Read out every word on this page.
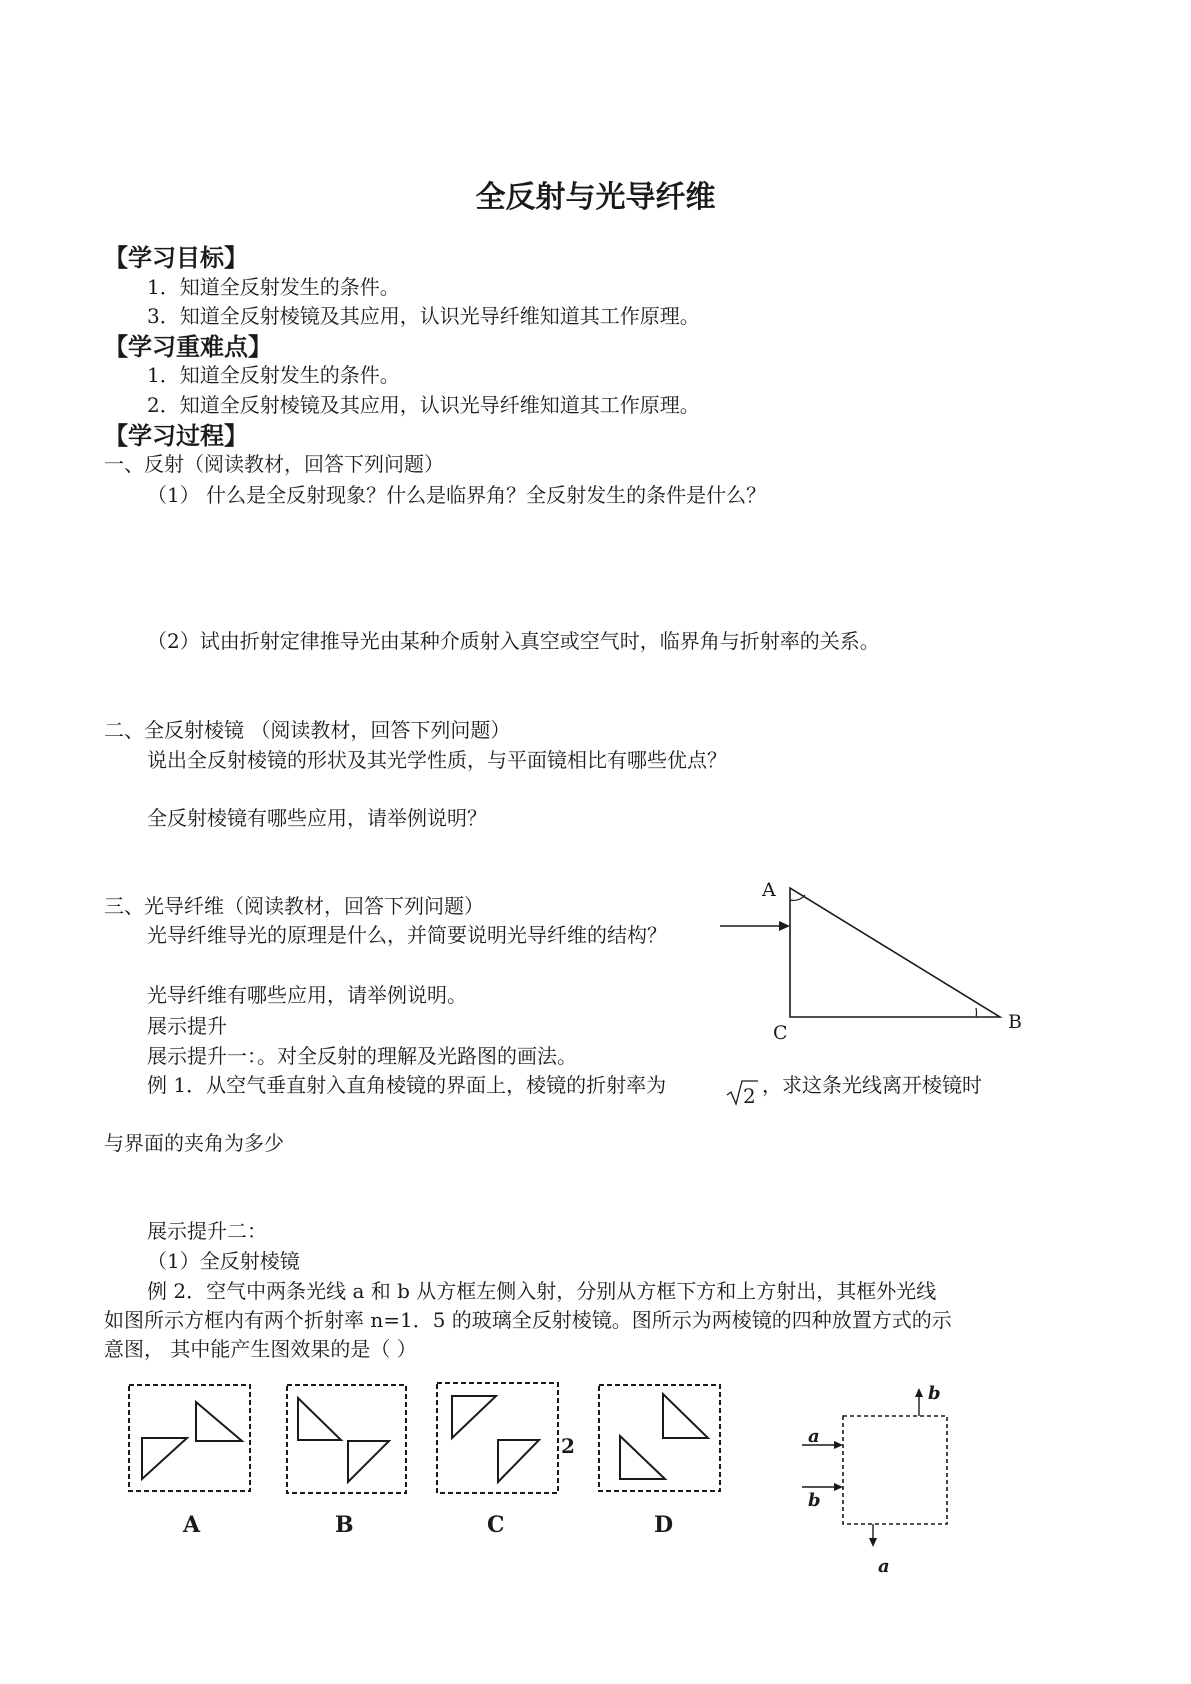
全反射与光导纤维
【学习目标】
1．知道全反射发生的条件。
3．知道全反射棱镜及其应用，认识光导纤维知道其工作原理。
【学习重难点】
1．知道全反射发生的条件。
2．知道全反射棱镜及其应用，认识光导纤维知道其工作原理。
【学习过程】
一、反射（阅读教材，回答下列问题）
（1） 什么是全反射现象？什么是临界角？全反射发生的条件是什么？
（2）试由折射定律推导光由某种介质射入真空或空气时，临界角与折射率的关系。
二、全反射棱镜 （阅读教材，回答下列问题）
说出全反射棱镜的形状及其光学性质，与平面镜相比有哪些优点？
全反射棱镜有哪些应用，请举例说明？
三、光导纤维（阅读教材，回答下列问题）
光导纤维导光的原理是什么，并简要说明光导纤维的结构？
光导纤维有哪些应用，请举例说明。
展示提升
展示提升一：。对全反射的理解及光路图的画法。
例 1．从空气垂直射入直角棱镜的界面上，棱镜的折射率为	2 ，求这条光线离开棱镜时
与界面的夹角为多少
展示提升二：
（1）全反射棱镜
例 2．空气中两条光线 a 和 b 从方框左侧入射，分别从方框下方和上方射出，其框外光线
如图所示方框内有两个折射率 n=1．5 的玻璃全反射棱镜。图所示为两棱镜的四种放置方式的示
意图， 其中能产生图效果的是（ ）
A
B
C
A	B
2
C	D
a
b
b
a
